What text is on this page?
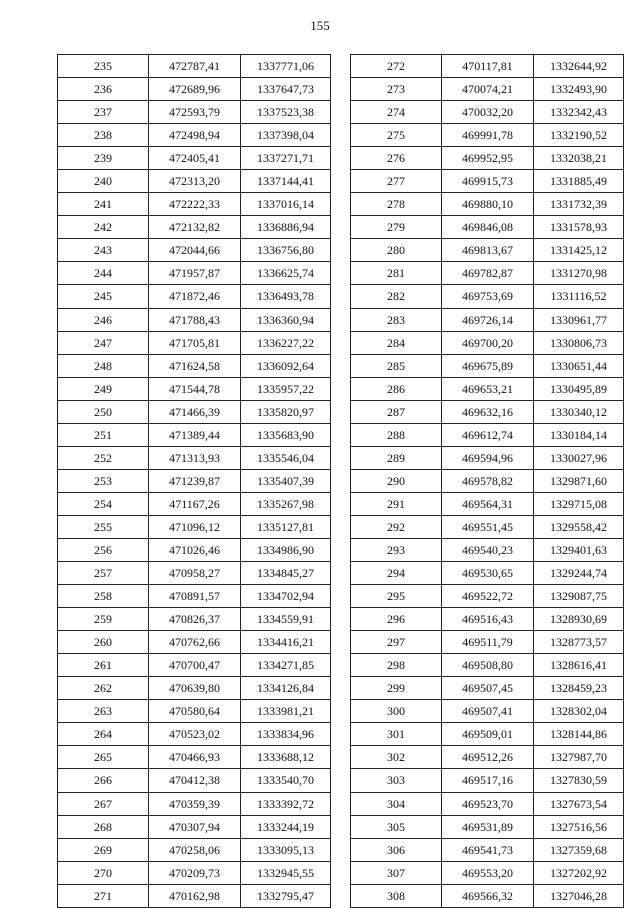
155
235	472787,41	1337771,06
236	472689,96	1337647,73
237	472593,79	1337523,38
238	472498,94	1337398,04
239	472405,41	1337271,71
240	472313,20	1337144,41
241	472222,33	1337016,14
242	472132,82	1336886,94
243	472044,66	1336756,80
244	471957,87	1336625,74
245	471872,46	1336493,78
246	471788,43	1336360,94
247	471705,81	1336227,22
248	471624,58	1336092,64
249	471544,78	1335957,22
250	471466,39	1335820,97
251	471389,44	1335683,90
252	471313,93	1335546,04
253	471239,87	1335407,39
254	471167,26	1335267,98
255	471096,12	1335127,81
256	471026,46	1334986,90
257	470958,27	1334845,27
258	470891,57	1334702,94
259	470826,37	1334559,91
260	470762,66	1334416,21
261	470700,47	1334271,85
262	470639,80	1334126,84
263	470580,64	1333981,21
264	470523,02	1333834,96
265	470466,93	1333688,12
266	470412,38	1333540,70
267	470359,39	1333392,72
268	470307,94	1333244,19
269	470258,06	1333095,13
270	470209,73	1332945,55
271	470162,98	1332795,47
272	470117,81	1332644,92
273	470074,21	1332493,90
274	470032,20	1332342,43
275	469991,78	1332190,52
276	469952,95	1332038,21
277	469915,73	1331885,49
278	469880,10	1331732,39
279	469846,08	1331578,93
280	469813,67	1331425,12
281	469782,87	1331270,98
282	469753,69	1331116,52
283	469726,14	1330961,77
284	469700,20	1330806,73
285	469675,89	1330651,44
286	469653,21	1330495,89
287	469632,16	1330340,12
288	469612,74	1330184,14
289	469594,96	1330027,96
290	469578,82	1329871,60
291	469564,31	1329715,08
292	469551,45	1329558,42
293	469540,23	1329401,63
294	469530,65	1329244,74
295	469522,72	1329087,75
296	469516,43	1328930,69
297	469511,79	1328773,57
298	469508,80	1328616,41
299	469507,45	1328459,23
300	469507,41	1328302,04
301	469509,01	1328144,86
302	469512,26	1327987,70
303	469517,16	1327830,59
304	469523,70	1327673,54
305	469531,89	1327516,56
306	469541,73	1327359,68
307	469553,20	1327202,92
308	469566,32	1327046,28
